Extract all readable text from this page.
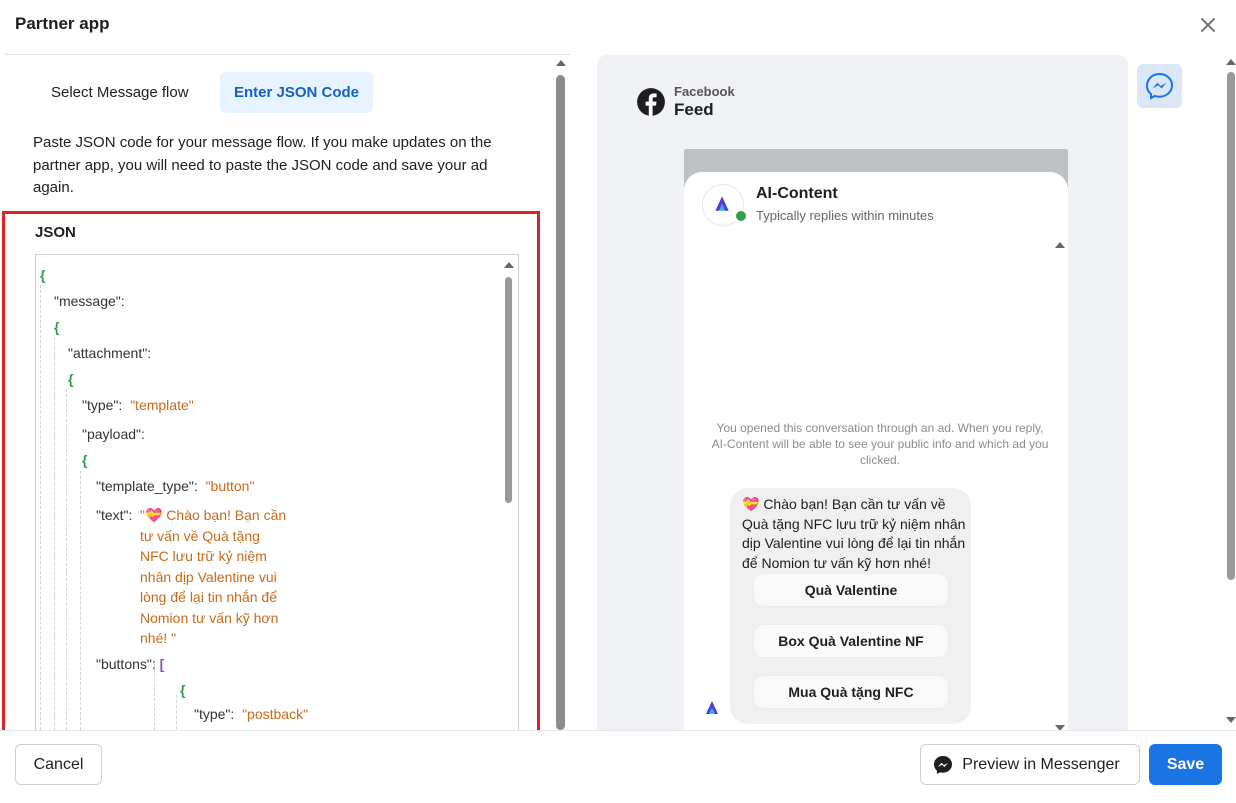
Partner app
Select Message flow	Enter JSON Code
Paste JSON code for your message flow. If you make updates on the partner app, you will need to paste the JSON code and save your ad again.
JSON
{
"message":
{
"attachment":
{
"type": "template"
"payload":
{
"template_type": "button"
"text": "💝 Chào bạn! Bạn cần tư vấn về Quà tặng NFC lưu trữ kỷ niệm nhân dịp Valentine vui lòng để lại tin nhắn để Nomion tư vấn kỹ hơn nhé! "
"buttons": [
{
"type": "postback"
Facebook
Feed
AI-Content
Typically replies within minutes
You opened this conversation through an ad. When you reply, AI-Content will be able to see your public info and which ad you clicked.
💝 Chào bạn! Bạn cần tư vấn về Quà tặng NFC lưu trữ kỷ niệm nhân dịp Valentine vui lòng để lại tin nhắn để Nomion tư vấn kỹ hơn nhé!
Quà Valentine
Box Quà Valentine NF
Mua Quà tặng NFC
Cancel	Preview in Messenger	Save
